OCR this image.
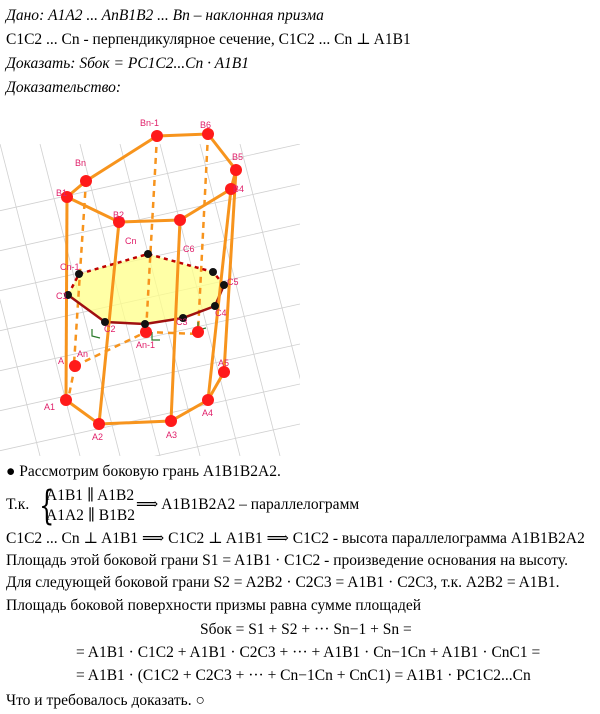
Дано: A1A2 ... AnB1B2 ... Bn – наклонная призма
C1C2 ... Cn - перпендикулярное сечение, C1C2 ... Cn ⊥ A1B1
Доказать: Sбок = PC1C2...Cn · A1B1
Доказательство:
Bn
Bn-1	B6
B5
B4
B1
B2
Cn
C6
C5
C4
C3
Cn-1
C1
C2
An
An-1
A	A5
A1
A2	A3
A4
● Рассмотрим боковую грань A1B1B2A2.
Т.к. {
A1B1 ∥ A1B2
A1A2 ∥ B1B2
⟹ A1B1B2A2 – параллелограмм
C1C2 ... Cn ⊥ A1B1 ⟹ C1C2 ⊥ A1B1 ⟹ C1C2 - высота параллелограмма A1B1B2A2
Площадь этой боковой грани S1 = A1B1 · C1C2 - произведение основания на высоту.
Для следующей боковой грани S2 = A2B2 · C2C3 = A1B1 · C2C3, т.к. A2B2 = A1B1.
Площадь боковой поверхности призмы равна сумме площадей
Sбок = S1 + S2 + ··· Sn−1 + Sn =
= A1B1 · C1C2 + A1B1 · C2C3 + ··· + A1B1 · Cn−1Cn + A1B1 · CnC1 =
= A1B1 · (C1C2 + C2C3 + ··· + Cn−1Cn + CnC1) = A1B1 · PC1C2...Cn
Что и требовалось доказать. ○
